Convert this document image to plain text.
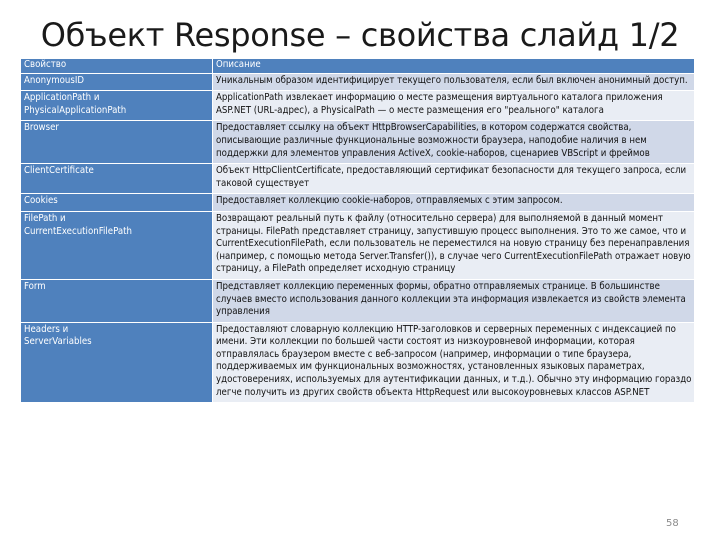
Объект Response – свойства слайд 1/2
Свойство	Описание
AnonymousID	Уникальным образом идентифицирует текущего пользователя, если был включен анонимный доступ.
ApplicationPath и
PhysicalApplicationPath	ApplicationPath извлекает информацию о месте размещения виртуального каталога приложения ASP.NET (URL-адрес), a PhysicalPath — о месте размещения его "реального" каталога
Browser	Предоставляет ссылку на объект HttpBrowserCapabilities, в котором содержатся свойства, описывающие различные функциональные возможности браузера, наподобие наличия в нем поддержки для элементов управления ActiveX, cookie-наборов, сценариев VBScript и фреймов
ClientCertificate	Объект HttpClientCertificate, предоставляющий сертификат безопасности для текущего запроса, если таковой существует
Cookies	Предоставляет коллекцию cookie-наборов, отправляемых с этим запросом.
FilePath и
CurrentExecutionFilePath	Возвращают реальный путь к файлу (относительно сервера) для выполняемой в данный момент страницы. FilePath представляет страницу, запустившую процесс выполнения. Это то же самое, что и CurrentExecutionFilePath, если пользователь не переместился на новую страницу без перенаправления (например, с помощью метода Server.Transfer()), в случае чего CurrentExecutionFilePath отражает новую страницу, a FilePath определяет исходную страницу
Form	Представляет коллекцию переменных формы, обратно отправляемых странице. В большинстве случаев вместо использования данного коллекции эта информация извлекается из свойств элемента управления
Headers и
ServerVariables	Предоставляют словарную коллекцию HTTP-заголовков и серверных переменных с индексацией по имени. Эти коллекции по большей части состоят из низкоуровневой информации, которая отправлялась браузером вместе с веб-запросом (например, информации о типе браузера, поддерживаемых им функциональных возможностях, установленных языковых параметрах, удостоверениях, используемых для аутентификации данных, и т.д.). Обычно эту информацию гораздо легче получить из других свойств объекта HttpRequest или высокоуровневых классов ASP.NET
58
